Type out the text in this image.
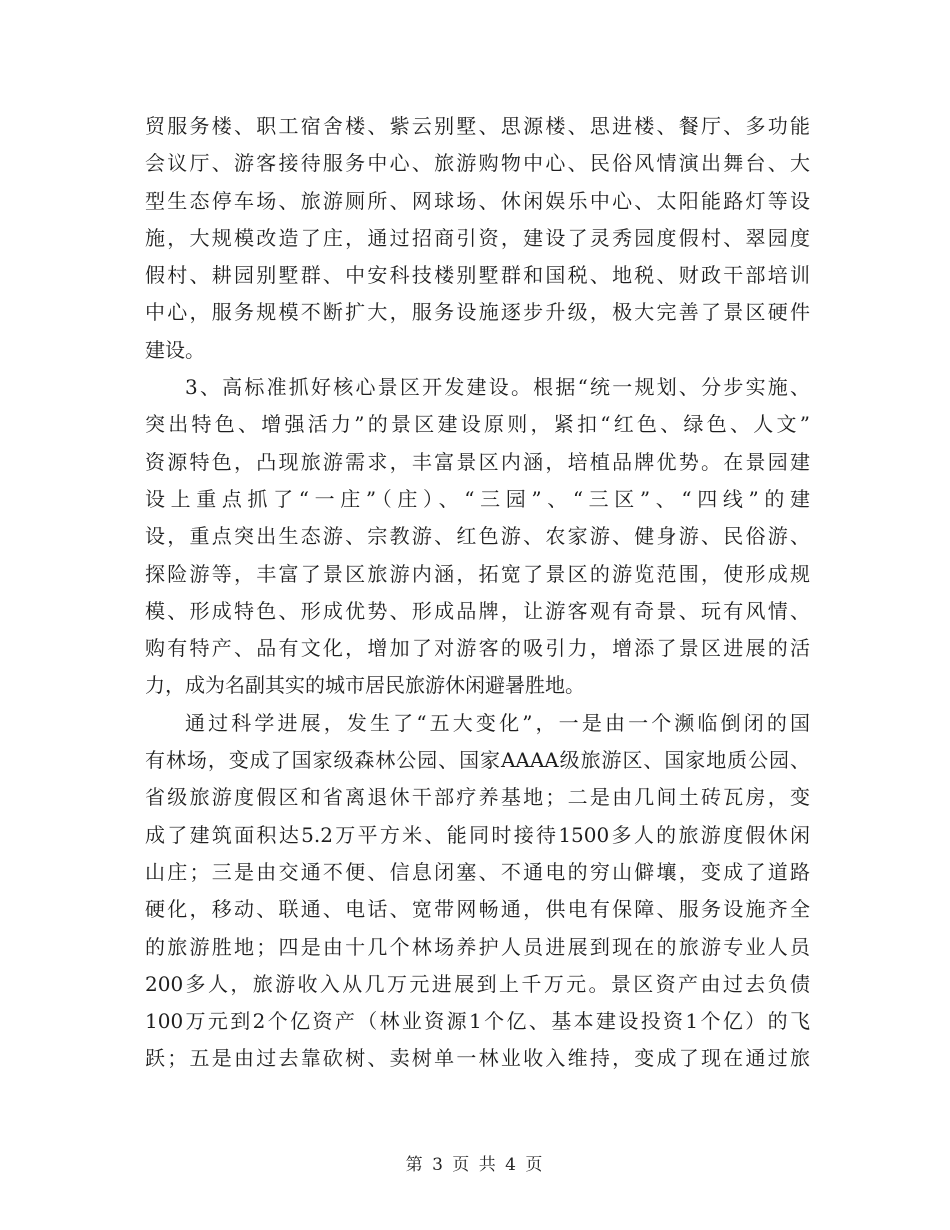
贸服务楼、职工宿舍楼、紫云别墅、思源楼、思进楼、餐厅、多功能
会议厅、游客接待服务中心、旅游购物中心、民俗风情演出舞台、大
型生态停车场、旅游厕所、网球场、休闲娱乐中心、太阳能路灯等设
施，大规模改造了庄，通过招商引资，建设了灵秀园度假村、翠园度
假村、耕园别墅群、中安科技楼别墅群和国税、地税、财政干部培训
中心，服务规模不断扩大，服务设施逐步升级，极大完善了景区硬件
建设。
3、高标准抓好核心景区开发建设。根据“统一规划、分步实施、
突出特色、增强活力”的景区建设原则，紧扣“红色、绿色、人文”
资源特色，凸现旅游需求，丰富景区内涵，培植品牌优势。在景园建
设上重点抓了“一庄”（庄）、“三园”、“三区”、“四线”的建
设，重点突出生态游、宗教游、红色游、农家游、健身游、民俗游、
探险游等，丰富了景区旅游内涵，拓宽了景区的游览范围，使形成规
模、形成特色、形成优势、形成品牌，让游客观有奇景、玩有风情、
购有特产、品有文化，增加了对游客的吸引力，增添了景区进展的活
力，成为名副其实的城市居民旅游休闲避暑胜地。
通过科学进展，发生了“五大变化”，一是由一个濒临倒闭的国
有林场，变成了国家级森林公园、国家AAAA级旅游区、国家地质公园、
省级旅游度假区和省离退休干部疗养基地；二是由几间土砖瓦房，变
成了建筑面积达5.2万平方米、能同时接待1500多人的旅游度假休闲
山庄；三是由交通不便、信息闭塞、不通电的穷山僻壤，变成了道路
硬化，移动、联通、电话、宽带网畅通，供电有保障、服务设施齐全
的旅游胜地；四是由十几个林场养护人员进展到现在的旅游专业人员
200多人，旅游收入从几万元进展到上千万元。景区资产由过去负债
100万元到2个亿资产（林业资源1个亿、基本建设投资1个亿）的飞
跃；五是由过去靠砍树、卖树单一林业收入维持，变成了现在通过旅
第 3 页 共 4 页
